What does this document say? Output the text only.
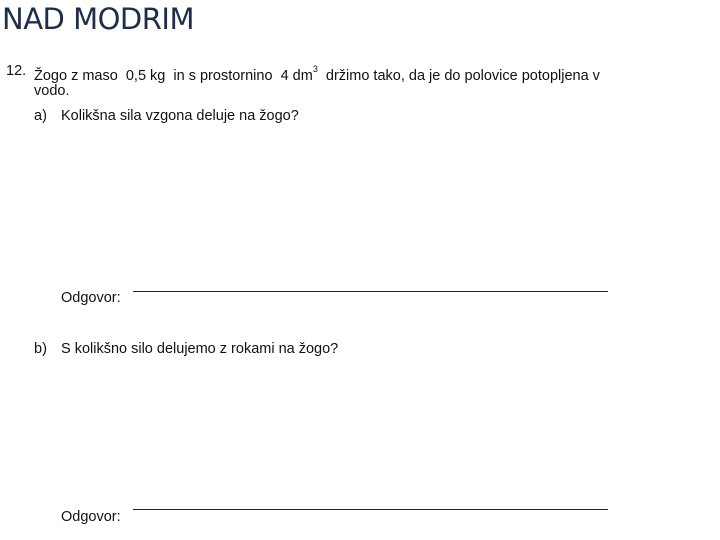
NAD MODRIM
12. Žogo z maso 0,5 kg in s prostornino 4 $dm^3$ držimo tako, da je do polovice potopljena v
vodo.
a) Kolikšna sila vzgona deluje na žogo?
Odgovor:
b) S kolikšno silo delujemo z rokami na žogo?
Odgovor:
